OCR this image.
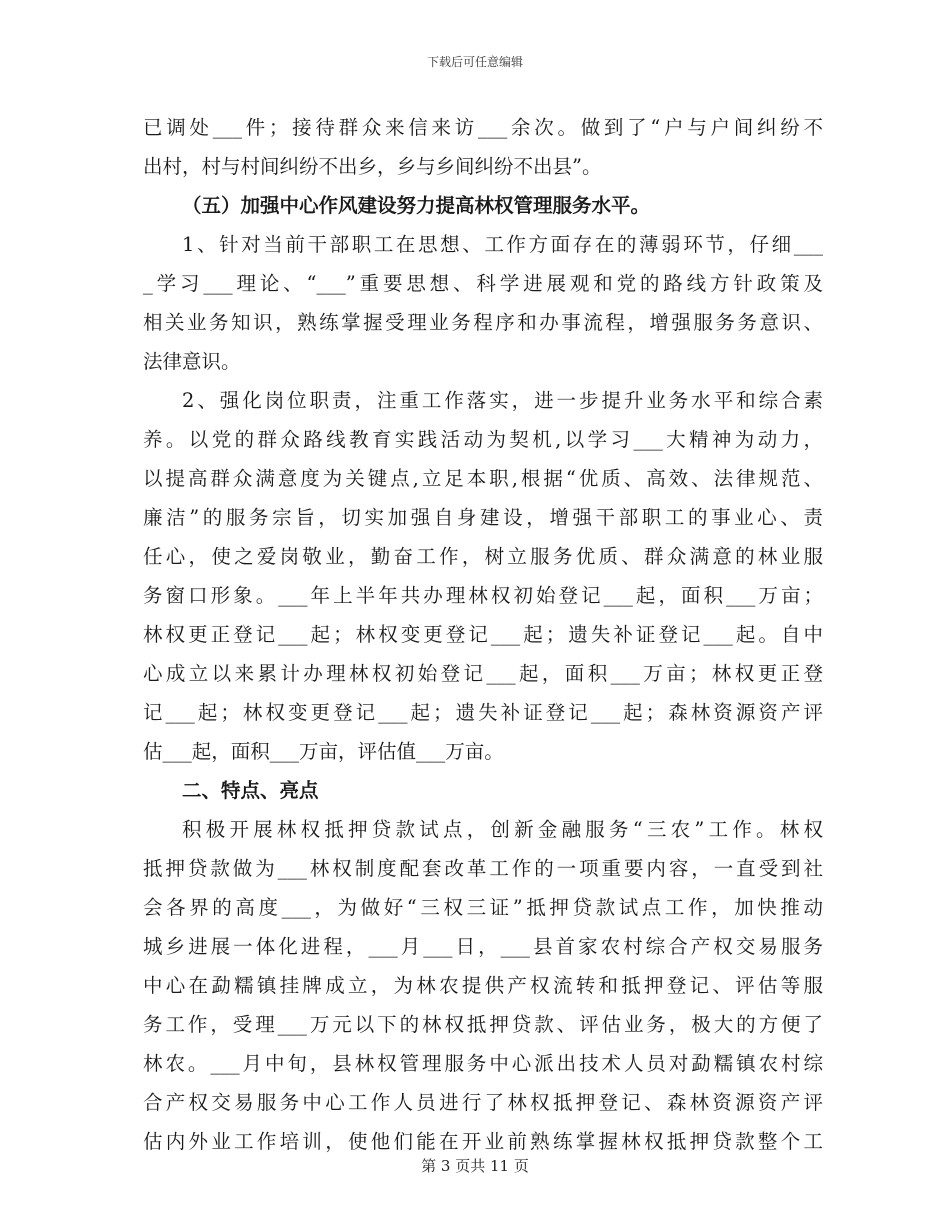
下载后可任意编辑
已调处___件；接待群众来信来访___余次。做到了“户与户间纠纷不
出村，村与村间纠纷不出乡，乡与乡间纠纷不出县”。
（五）加强中心作风建设努力提高林权管理服务水平。
1、针对当前干部职工在思想、工作方面存在的薄弱环节，仔细___
_学习___理论、“___”重要思想、科学进展观和党的路线方针政策及
相关业务知识，熟练掌握受理业务程序和办事流程，增强服务务意识、
法律意识。
2、强化岗位职责，注重工作落实，进一步提升业务水平和综合素
养。以党的群众路线教育实践活动为契机,以学习___大精神为动力，
以提高群众满意度为关键点,立足本职,根据“优质、高效、法律规范、
廉洁”的服务宗旨，切实加强自身建设，增强干部职工的事业心、责
任心，使之爱岗敬业，勤奋工作，树立服务优质、群众满意的林业服
务窗口形象。___年上半年共办理林权初始登记___起，面积___万亩；
林权更正登记___起；林权变更登记___起；遗失补证登记___起。自中
心成立以来累计办理林权初始登记___起，面积___万亩；林权更正登
记___起；林权变更登记___起；遗失补证登记___起；森林资源资产评
估___起，面积___万亩，评估值___万亩。
二、特点、亮点
积极开展林权抵押贷款试点，创新金融服务“三农”工作。林权
抵押贷款做为___林权制度配套改革工作的一项重要内容，一直受到社
会各界的高度___，为做好“三权三证”抵押贷款试点工作，加快推动
城乡进展一体化进程，___月___日，___县首家农村综合产权交易服务
中心在勐糯镇挂牌成立，为林农提供产权流转和抵押登记、评估等服
务工作，受理___万元以下的林权抵押贷款、评估业务，极大的方便了
林农。___月中旬，县林权管理服务中心派出技术人员对勐糯镇农村综
合产权交易服务中心工作人员进行了林权抵押登记、森林资源资产评
估内外业工作培训，使他们能在开业前熟练掌握林权抵押贷款整个工
第 3 页共 11 页
